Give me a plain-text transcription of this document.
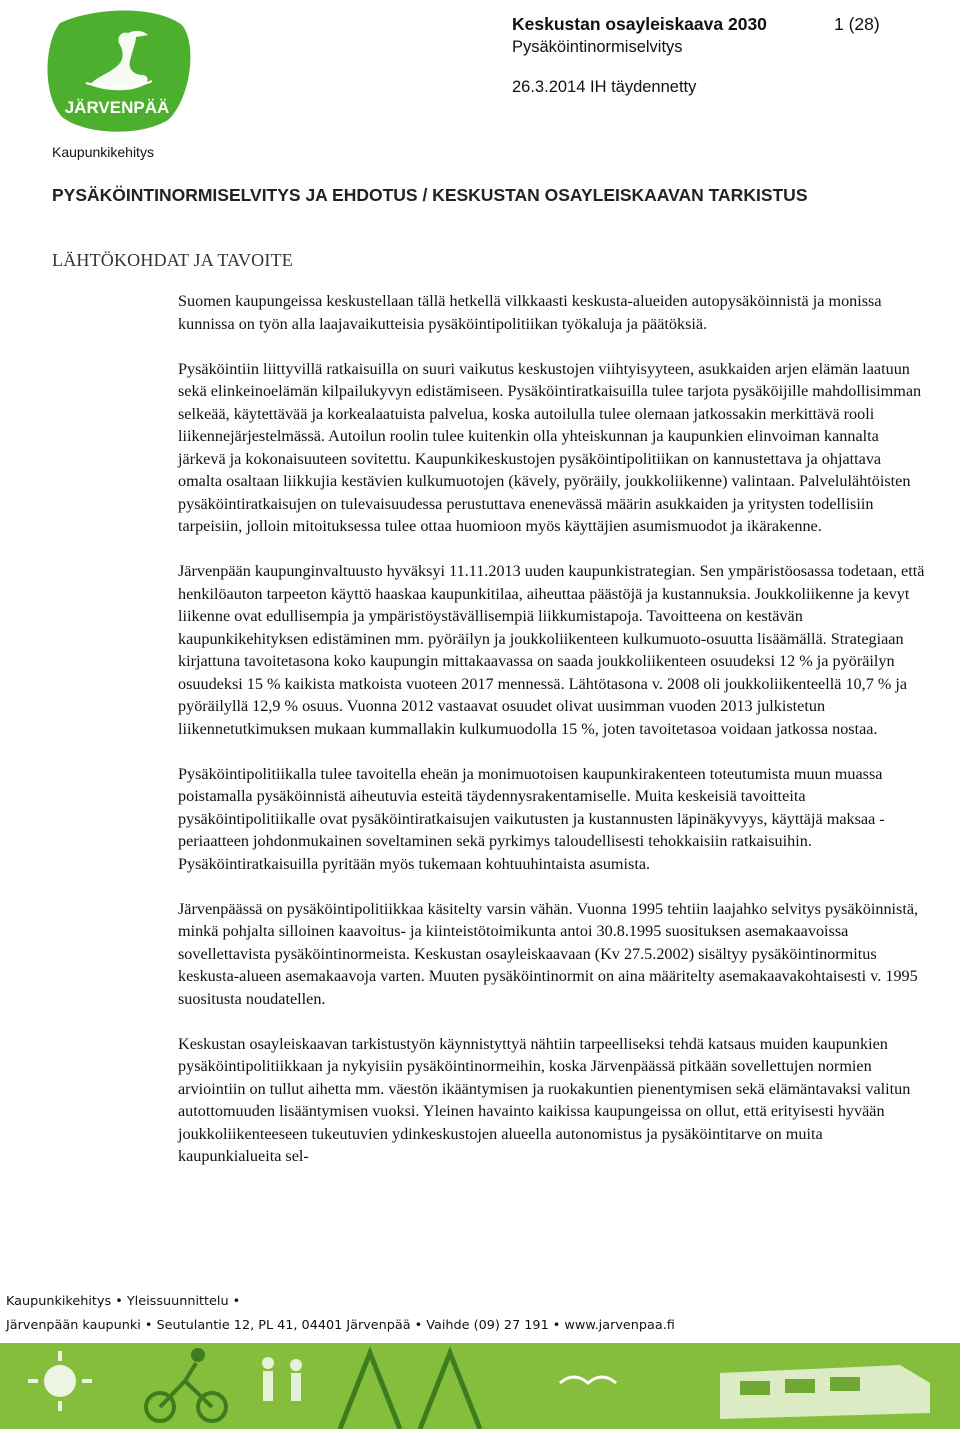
JÄRVENPÄÄ
Keskustan osayleiskaava 2030	1 (28)
Pysäköintinormiselvitys
26.3.2014 IH täydennetty
Kaupunkikehitys
PYSÄKÖINTINORMISELVITYS JA EHDOTUS / KESKUSTAN OSAYLEISKAAVAN TARKISTUS
LÄHTÖKOHDAT JA TAVOITE

Suomen kaupungeissa keskustellaan tällä hetkellä vilkkaasti keskusta-alueiden autopysäköinnistä ja monissa kunnissa on työn alla laajavaikutteisia pysäköintipolitiikan työkaluja ja päätöksiä.

Pysäköintiin liittyvillä ratkaisuilla on suuri vaikutus keskustojen viihtyisyyteen, asukkaiden arjen elämän laatuun sekä elinkeinoelämän kilpailukyvyn edistämiseen. Pysäköintiratkaisuilla tulee tarjota pysäköijille mahdollisimman selkeää, käytettävää ja korkealaatuista palvelua, koska autoilulla tulee olemaan jatkossakin merkittävä rooli liikennejärjestelmässä. Autoilun roolin tulee kuitenkin olla yhteiskunnan ja kaupunkien elinvoiman kannalta järkevä ja kokonaisuuteen sovitettu. Kaupunkikeskustojen pysäköintipolitiikan on kannustettava ja ohjattava omalta osaltaan liikkujia kestävien kulkumuotojen (kävely, pyöräily, joukkoliikenne) valintaan. Palvelulähtöisten pysäköintiratkaisujen on tulevaisuudessa perustuttava enenevässä määrin asukkaiden ja yritysten todellisiin tarpeisiin, jolloin mitoituksessa tulee ottaa huomioon myös käyttäjien asumismuodot ja ikärakenne.

Järvenpään kaupunginvaltuusto hyväksyi 11.11.2013 uuden kaupunkistrategian. Sen ympäristöosassa todetaan, että henkilöauton tarpeeton käyttö haaskaa kaupunkitilaa, aiheuttaa päästöjä ja kustannuksia. Joukkoliikenne ja kevyt liikenne ovat edullisempia ja ympäristöystävällisempiä liikkumistapoja. Tavoitteena on kestävän kaupunkikehityksen edistäminen mm. pyöräilyn ja joukkoliikenteen kulkumuoto-osuutta lisäämällä. Strategiaan kirjattuna tavoitetasona koko kaupungin mittakaavassa on saada joukkoliikenteen osuudeksi 12 % ja pyöräilyn osuudeksi 15 % kaikista matkoista vuoteen 2017 mennessä. Lähtötasona v. 2008 oli joukkoliikenteellä 10,7 % ja pyöräilyllä 12,9 % osuus. Vuonna 2012 vastaavat osuudet olivat uusimman vuoden 2013 julkistetun liikennetutkimuksen mukaan kummallakin kulkumuodolla 15 %, joten tavoitetasoa voidaan jatkossa nostaa.

Pysäköintipolitiikalla tulee tavoitella eheän ja monimuotoisen kaupunkirakenteen toteutumista muun muassa poistamalla pysäköinnistä aiheutuvia esteitä täydennysrakentamiselle. Muita keskeisiä tavoitteita pysäköintipolitiikalle ovat pysäköintiratkaisujen vaikutusten ja kustannusten läpinäkyvyys, käyttäjä maksaa -periaatteen johdonmukainen soveltaminen sekä pyrkimys taloudellisesti tehokkaisiin ratkaisuihin. Pysäköintiratkaisuilla pyritään myös tukemaan kohtuuhintaista asumista.

Järvenpäässä on pysäköintipolitiikkaa käsitelty varsin vähän. Vuonna 1995 tehtiin laajahko selvitys pysäköinnistä, minkä pohjalta silloinen kaavoitus- ja kiinteistötoimikunta antoi 30.8.1995 suosituksen asemakaavoissa sovellettavista pysäköintinormeista. Keskustan osayleiskaavaan (Kv 27.5.2002) sisältyy pysäköintinormitus keskusta-alueen asemakaavoja varten. Muuten pysäköintinormit on aina määritelty asemakaavakohtaisesti v. 1995 suositusta noudatellen.

Keskustan osayleiskaavan tarkistustyön käynnistyttyä nähtiin tarpeelliseksi tehdä katsaus muiden kaupunkien pysäköintipolitiikkaan ja nykyisiin pysäköintinormeihin, koska Järvenpäässä pitkään sovellettujen normien arviointiin on tullut aihetta mm. väestön ikääntymisen ja ruokakuntien pienentymisen sekä elämäntavaksi valitun autottomuuden lisääntymisen vuoksi. Yleinen havainto kaikissa kaupungeissa on ollut, että erityisesti hyvään joukkoliikenteeseen tukeutuvien ydinkeskustojen alueella autonomistus ja pysäköintitarve on muita kaupunkialueita sel-

Kaupunkikehitys • Yleissuunnittelu •
Järvenpään kaupunki • Seutulantie 12, PL 41, 04401 Järvenpää • Vaihde (09) 27 191 • www.jarvenpaa.fi
